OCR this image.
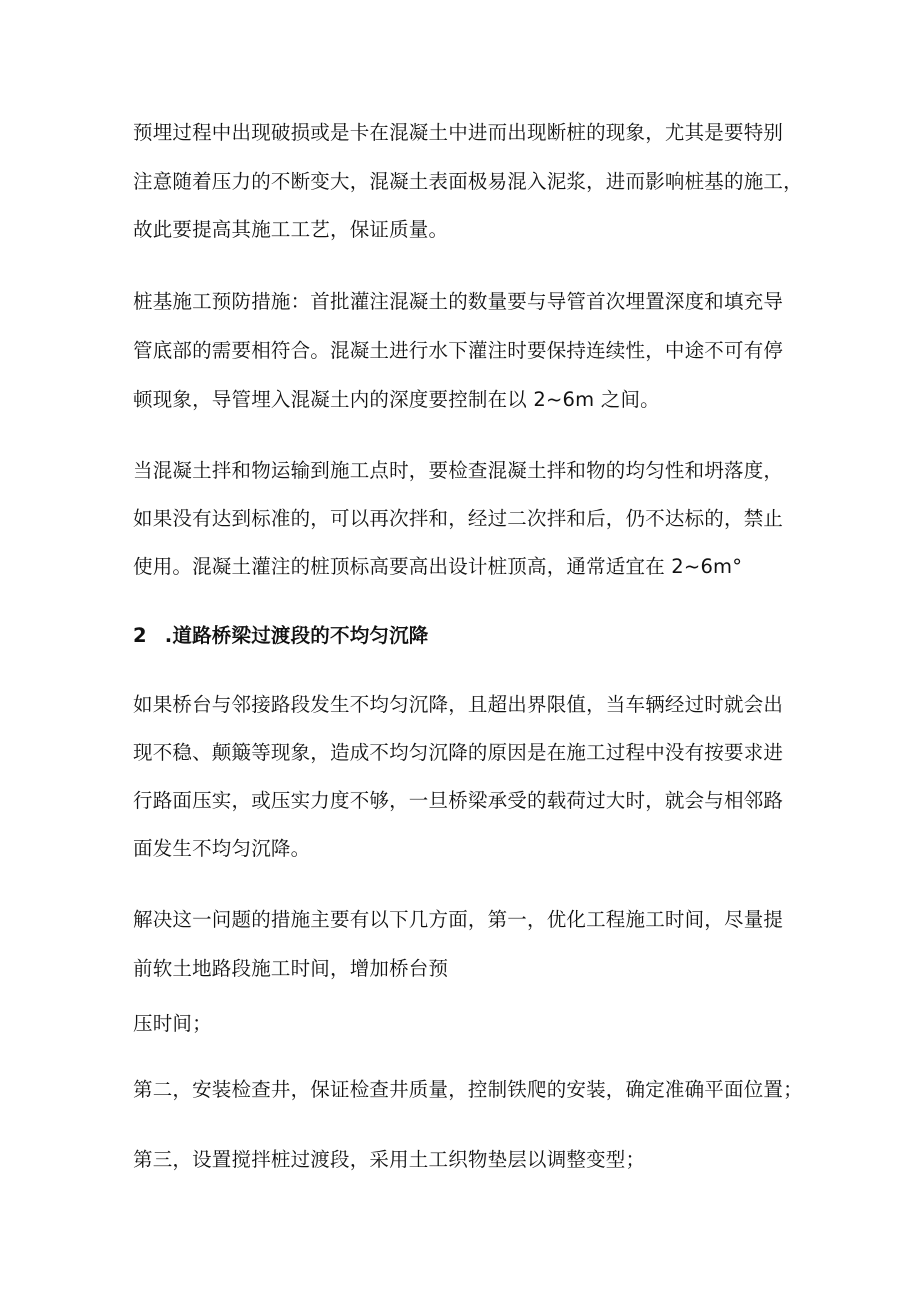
预埋过程中出现破损或是卡在混凝土中进而出现断桩的现象，尤其是要特别
注意随着压力的不断变大，混凝土表面极易混入泥浆，进而影响桩基的施工，
故此要提高其施工工艺，保证质量。
桩基施工预防措施：首批灌注混凝土的数量要与导管首次埋置深度和填充导
管底部的需要相符合。混凝土进行水下灌注时要保持连续性，中途不可有停
顿现象，导管埋入混凝土内的深度要控制在以 2~6m 之间。
当混凝土拌和物运输到施工点时，要检查混凝土拌和物的均匀性和坍落度，
如果没有达到标准的，可以再次拌和，经过二次拌和后，仍不达标的，禁止
使用。混凝土灌注的桩顶标高要高出设计桩顶高，通常适宜在 2~6m°
2 .道路桥梁过渡段的不均匀沉降
如果桥台与邻接路段发生不均匀沉降，且超出界限值，当车辆经过时就会出
现不稳、颠簸等现象，造成不均匀沉降的原因是在施工过程中没有按要求进
行路面压实，或压实力度不够，一旦桥梁承受的载荷过大时，就会与相邻路
面发生不均匀沉降。
解决这一问题的措施主要有以下几方面，第一，优化工程施工时间，尽量提
前软土地路段施工时间，增加桥台预
压时间；
第二，安装检查井，保证检查井质量，控制铁爬的安装，确定准确平面位置；
第三，设置搅拌桩过渡段，采用土工织物垫层以调整变型；
